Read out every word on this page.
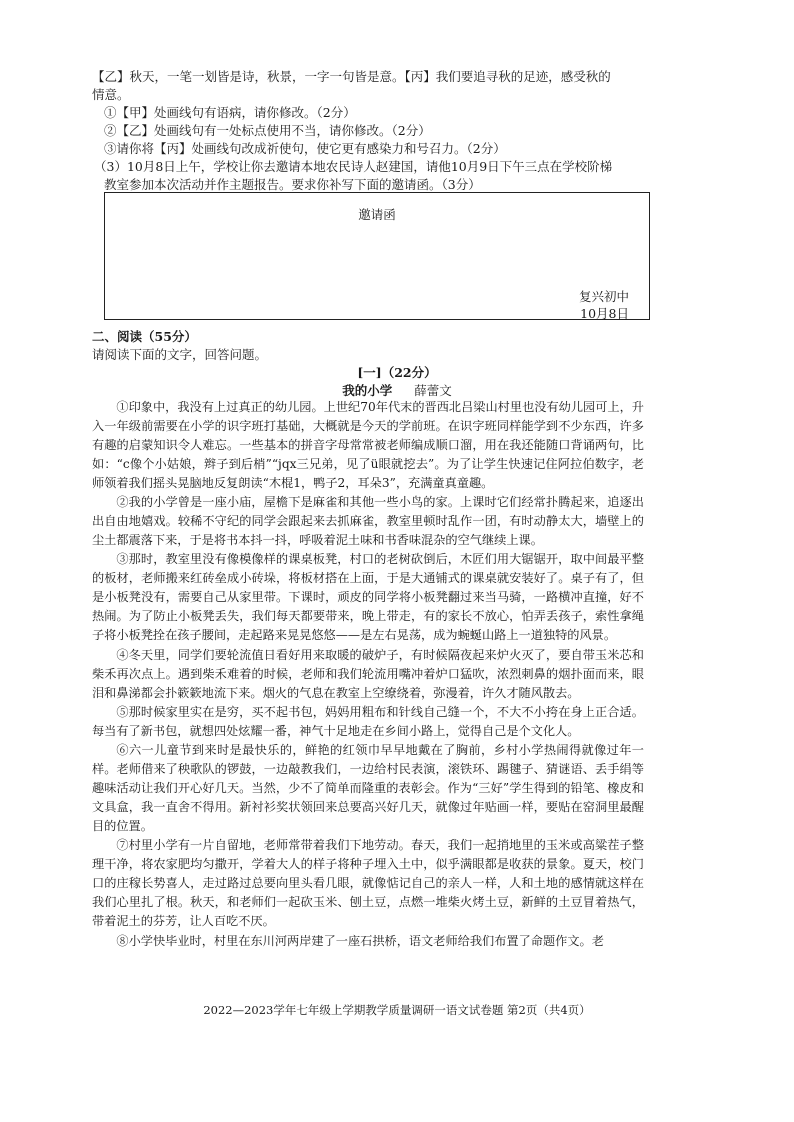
【乙】秋天，一笔一划皆是诗，秋景，一字一句皆是意。【丙】我们要追寻秋的足迹，感受秋的
情意。
①【甲】处画线句有语病，请你修改。（2分）
②【乙】处画线句有一处标点使用不当，请你修改。（2分）
③请你将【丙】处画线句改成祈使句，使它更有感染力和号召力。（2分）
（3）10月8日上午，学校让你去邀请本地农民诗人赵建国，请他10月9日下午三点在学校阶梯
教室参加本次活动并作主题报告。要求你补写下面的邀请函。（3分）
邀请函
复兴初中
10月8日
二、阅读（55分）
请阅读下面的文字，回答问题。
[一]（22分）
我的小学 薛蕾文
①印象中，我没有上过真正的幼儿园。上世纪70年代末的晋西北吕梁山村里也没有幼儿园可上，升入一年级前需要在小学的识字班打基础，大概就是今天的学前班。在识字班同样能学到不少东西，许多有趣的启蒙知识令人难忘。一些基本的拼音字母常常被老师编成顺口溜，用在我还能随口背诵两句，比如：“c像个小姑娘，辫子到后梢”“jqx三兄弟，见了ü眼就挖去”。为了让学生快速记住阿拉伯数字，老师领着我们摇头晃脑地反复朗读“木棍1，鸭子2，耳朵3”，充满童真童趣。
②我的小学曾是一座小庙，屋檐下是麻雀和其他一些小鸟的家。上课时它们经常扑腾起来，追逐出出自由地嬉戏。较稀不守纪的同学会跟起来去抓麻雀，教室里顿时乱作一团，有时动静太大，墙壁上的尘土都震落下来，于是将书本抖一抖，呼吸着泥土味和书香味混杂的空气继续上课。
③那时，教室里没有像模像样的课桌板凳，村口的老树砍倒后，木匠们用大锯锯开，取中间最平整的板材，老师搬来红砖垒成小砖垛，将板材搭在上面，于是大通铺式的课桌就安装好了。桌子有了，但是小板凳没有，需要自己从家里带。下课时，顽皮的同学将小板凳翻过来当马骑，一路横冲直撞，好不热闹。为了防止小板凳丢失，我们每天都要带来，晚上带走，有的家长不放心，怕弄丢孩子，索性拿绳子将小板凳拴在孩子腰间，走起路来晃晃悠悠——是左右晃荡，成为蜿蜒山路上一道独特的风景。
④冬天里，同学们要轮流值日看好用来取暖的破炉子，有时候隔夜起来炉火灭了，要自带玉米芯和柴禾再次点上。遇到柴禾难着的时候，老师和我们轮流用嘴冲着炉口猛吹，浓烈刺鼻的烟扑面而来，眼泪和鼻涕都会扑簌簌地流下来。烟火的气息在教室上空缭绕着，弥漫着，许久才随风散去。
⑤那时候家里实在是穷，买不起书包，妈妈用粗布和针线自己缝一个，不大不小挎在身上正合适。每当有了新书包，就想四处炫耀一番，神气十足地走在乡间小路上，觉得自己是个文化人。
⑥六一儿童节到来时是最快乐的，鲜艳的红领巾早早地戴在了胸前，乡村小学热闹得就像过年一样。老师借来了秧歌队的锣鼓，一边敲教我们，一边给村民表演，滚铁环、踢毽子、猜谜语、丢手绢等趣味活动让我们开心好几天。当然，少不了简单而隆重的表彰会。作为“三好”学生得到的铅笔、橡皮和文具盒，我一直舍不得用。新衬衫奖状领回来总要高兴好几天，就像过年贴画一样，要贴在窑洞里最醒目的位置。
⑦村里小学有一片自留地，老师常带着我们下地劳动。春天，我们一起捎地里的玉米或高粱茬子整理干净，将农家肥均匀撒开，学着大人的样子将种子埋入土中，似乎满眼都是收获的景象。夏天，校门口的庄稼长势喜人，走过路过总要向里头看几眼，就像惦记自己的亲人一样，人和土地的感情就这样在我们心里扎了根。秋天，和老师们一起砍玉米、刨土豆，点燃一堆柴火烤土豆，新鲜的土豆冒着热气，带着泥土的芬芳，让人百吃不厌。
⑧小学快毕业时，村里在东川河两岸建了一座石拱桥，语文老师给我们布置了命题作文。老
2022—2023学年七年级上学期教学质量调研一语文试卷题 第2页（共4页）
